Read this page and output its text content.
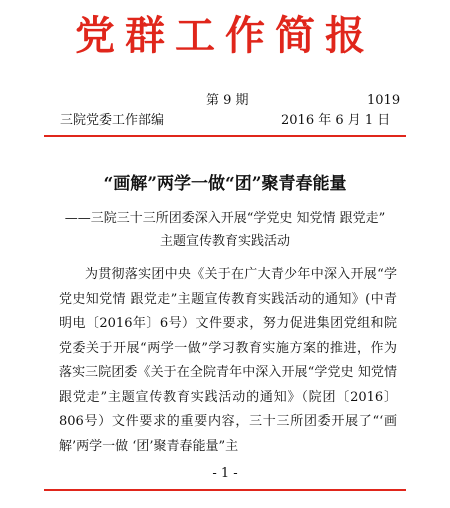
党群工作简报
第 9 期	1019
三院党委工作部编	2016 年 6 月 1 日
“画解”两学一做“团”聚青春能量
——三院三十三所团委深入开展“学党史 知党情 跟党走”
主题宣传教育实践活动

为贯彻落实团中央《关于在广大青少年中深入开展“学党史知党情 跟党走”主题宣传教育实践活动的通知》(中青明电〔2016年〕6号）文件要求，努力促进集团党组和院党委关于开展“两学一做”学习教育实施方案的推进，作为落实三院团委《关于在全院青年中深入开展“学党史 知党情 跟党走”主题宣传教育实践活动的通知》（院团〔2016〕806号）文件要求的重要内容，三十三所团委开展了“‘画解’两学一做 ‘团’聚青春能量”主

- 1 -
